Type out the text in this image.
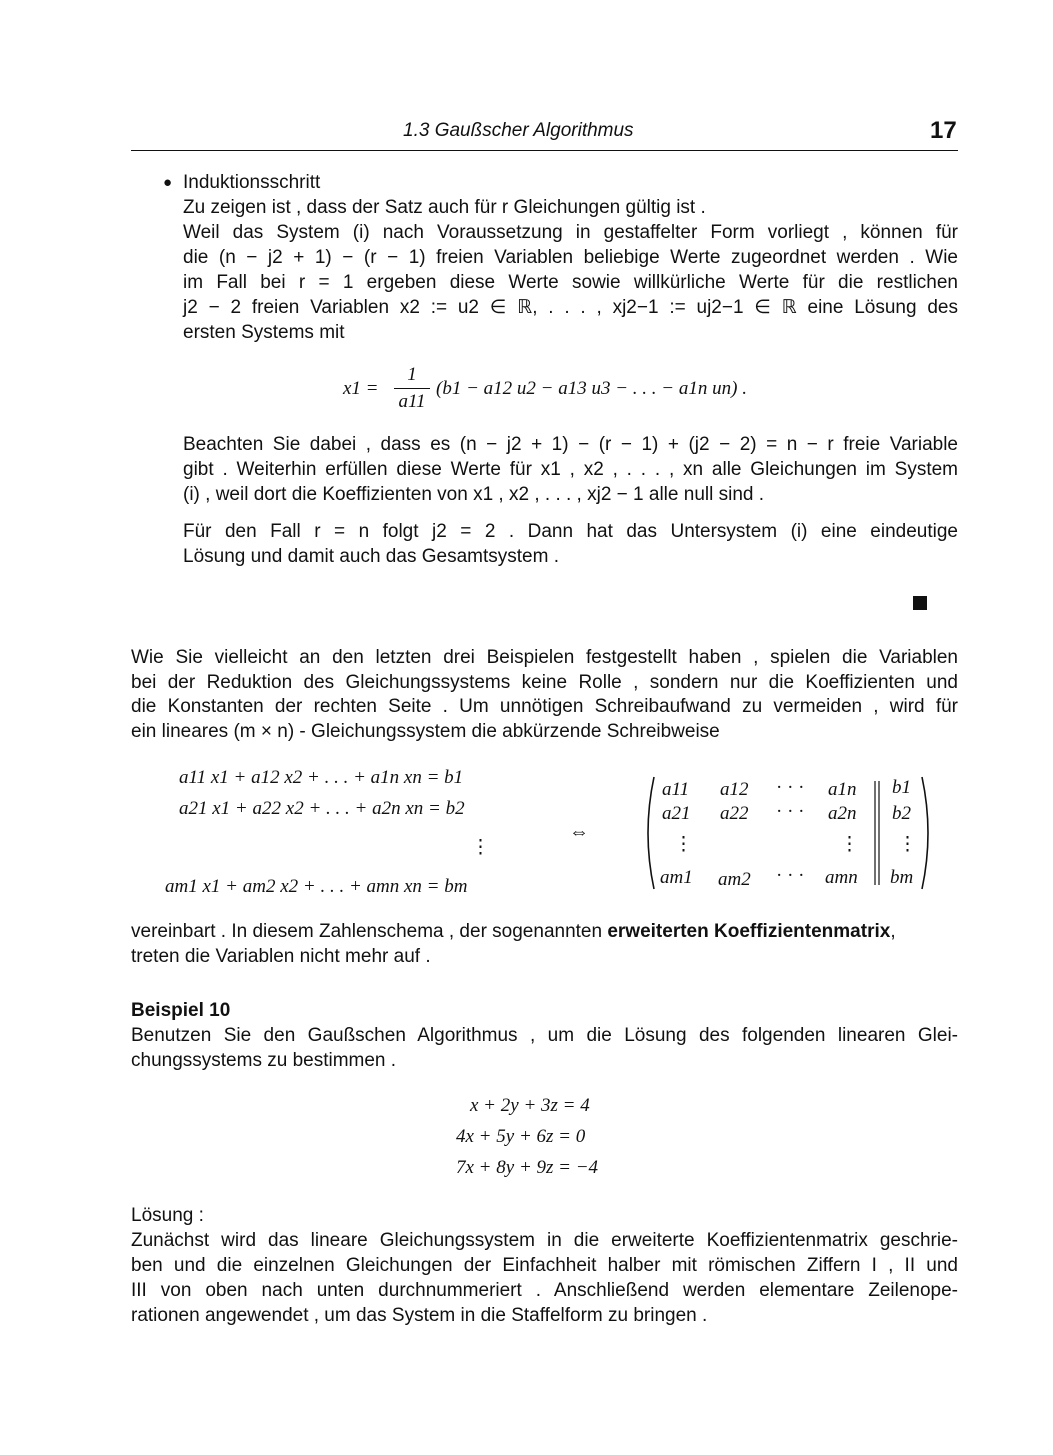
1.3 Gaußscher Algorithmus	17
● Induktionsschritt
Zu zeigen ist , dass der Satz auch für r Gleichungen gültig ist .
Weil das System (i) nach Voraussetzung in gestaffelter Form vorliegt , können für
die (n − j2 + 1) − (r − 1) freien Variablen beliebige Werte zugeordnet werden . Wie
im Fall bei r = 1 ergeben diese Werte sowie willkürliche Werte für die restlichen
j2 − 2 freien Variablen x2 := u2 ∈ ℝ, . . . , xj2−1 := uj2−1 ∈ ℝ eine Lösung des
ersten Systems mit
x1 =
1
a11
(b1 − a12 u2 − a13 u3 − . . . − a1n un) .
Beachten Sie dabei , dass es (n − j2 + 1) − (r − 1) + (j2 − 2) = n − r freie Variable
gibt . Weiterhin erfüllen diese Werte für x1 , x2 , . . . , xn alle Gleichungen im System
(i) , weil dort die Koeffizienten von x1 , x2 , . . . , xj2 − 1 alle null sind .
Für den Fall r = n folgt j2 = 2 . Dann hat das Untersystem (i) eine eindeutige
Lösung und damit auch das Gesamtsystem .
Wie Sie vielleicht an den letzten drei Beispielen festgestellt haben , spielen die Variablen
bei der Reduktion des Gleichungssystems keine Rolle , sondern nur die Koeffizienten und
die Konstanten der rechten Seite . Um unnötigen Schreibaufwand zu vermeiden , wird für
ein lineares (m × n) - Gleichungssystem die abkürzende Schreibweise
a11 x1 + a12 x2 + . . . + a1n xn = b1
a21 x1 + a22 x2 + . . . + a2n xn = b2
⋮
am1 x1 + am2 x2 + . . . + amn xn = bm
⇔
a11 a12 · · · a1n b1
a21 a22 · · · a2n b2
⋮	⋮ ⋮
am1 am2 · · · amn bm
vereinbart . In diesem Zahlenschema , der sogenannten erweiterten Koeffizientenmatrix,
treten die Variablen nicht mehr auf .
Beispiel 10
Benutzen Sie den Gaußschen Algorithmus , um die Lösung des folgenden linearen Glei-
chungssystems zu bestimmen .
x + 2y + 3z = 4
4x + 5y + 6z = 0
7x + 8y + 9z = −4
Lösung :
Zunächst wird das lineare Gleichungssystem in die erweiterte Koeffizientenmatrix geschrie-
ben und die einzelnen Gleichungen der Einfachheit halber mit römischen Ziffern I , II und
III von oben nach unten durchnummeriert . Anschließend werden elementare Zeilenope-
rationen angewendet , um das System in die Staffelform zu bringen .
